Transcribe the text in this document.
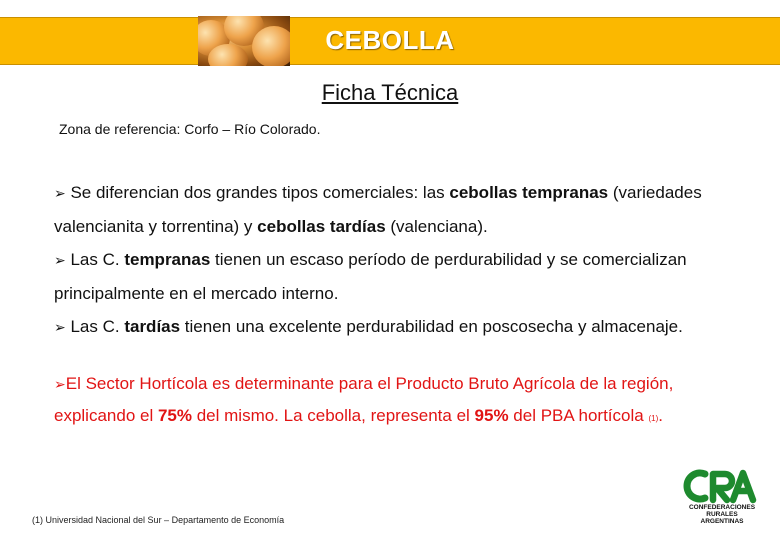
CEBOLLA
Ficha Técnica
Zona de referencia: Corfo – Río Colorado.

➢ Se diferencian dos grandes tipos comerciales: las cebollas tempranas (variedades valencianita y torrentina) y cebollas tardías (valenciana).

➢ Las C. tempranas tienen un escaso período de perdurabilidad y se comercializan principalmente en el mercado interno.

➢ Las C. tardías tienen una excelente perdurabilidad en poscosecha y almacenaje.

➢El Sector Hortícola es determinante para el Producto Bruto Agrícola de la región, explicando el 75% del mismo. La cebolla, representa el 95% del PBA hortícola (1).

(1) Universidad Nacional del Sur – Departamento de Economía
CONFEDERACIONES
RURALES
ARGENTINAS
